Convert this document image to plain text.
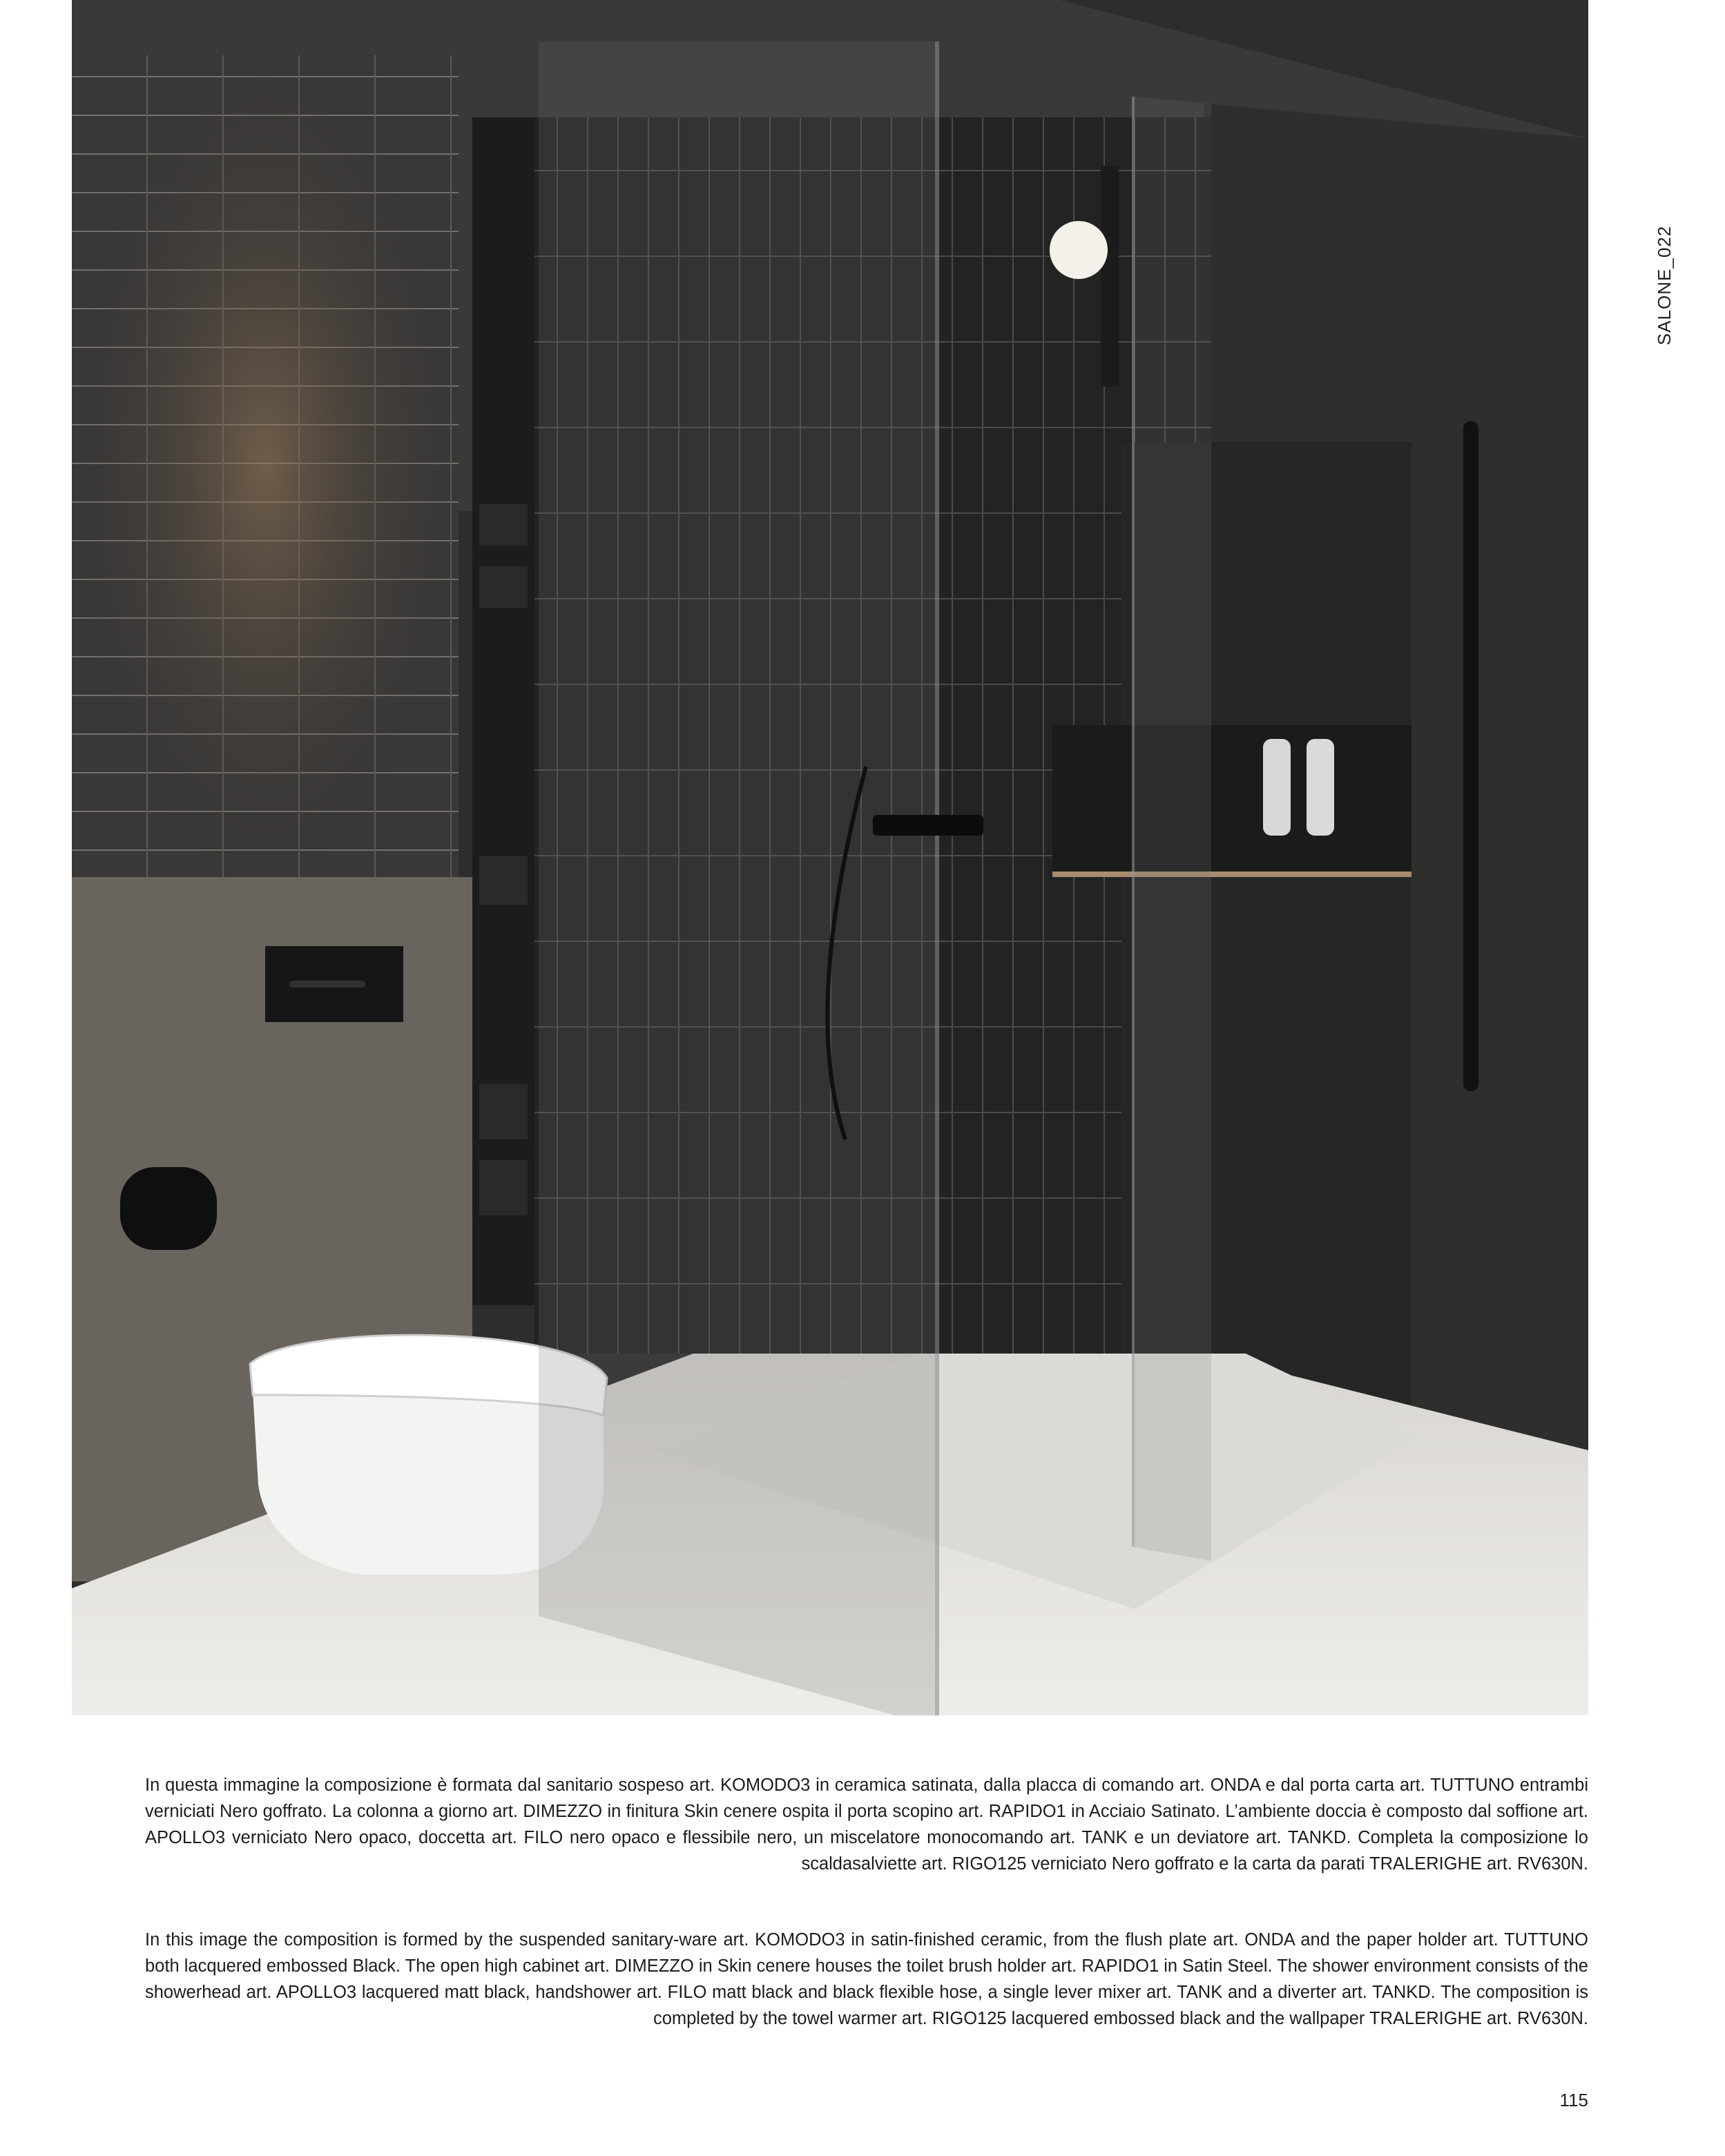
SALONE_022

In questa immagine la composizione è formata dal sanitario sospeso art. KOMODO3 in ceramica satinata, dalla placca di comando art. ONDA e dal porta carta art. TUTTUNO entrambi verniciati Nero goffrato. La colonna a giorno art. DIMEZZO in finitura Skin cenere ospita il porta scopino art. RAPIDO1 in Acciaio Satinato. L’ambiente doccia è composto dal soffione art. APOLLO3 verniciato Nero opaco, doccetta art. FILO nero opaco e flessibile nero, un miscelatore monocomando art. TANK e un deviatore art. TANKD. Completa la composizione lo scaldasalviette art. RIGO125 verniciato Nero goffrato e la carta da parati TRALERIGHE art. RV630N.

In this image the composition is formed by the suspended sanitary-ware art. KOMODO3 in satin-finished ceramic, from the flush plate art. ONDA and the paper holder art. TUTTUNO both lacquered embossed Black. The open high cabinet art. DIMEZZO in Skin cenere houses the toilet brush holder art. RAPIDO1 in Satin Steel. The shower environment consists of the showerhead art. APOLLO3 lacquered matt black, handshower art. FILO matt black and black flexible hose, a single lever mixer art. TANK and a diverter art. TANKD. The composition is completed by the towel warmer art. RIGO125 lacquered embossed black and the wallpaper TRALERIGHE art. RV630N.

115
